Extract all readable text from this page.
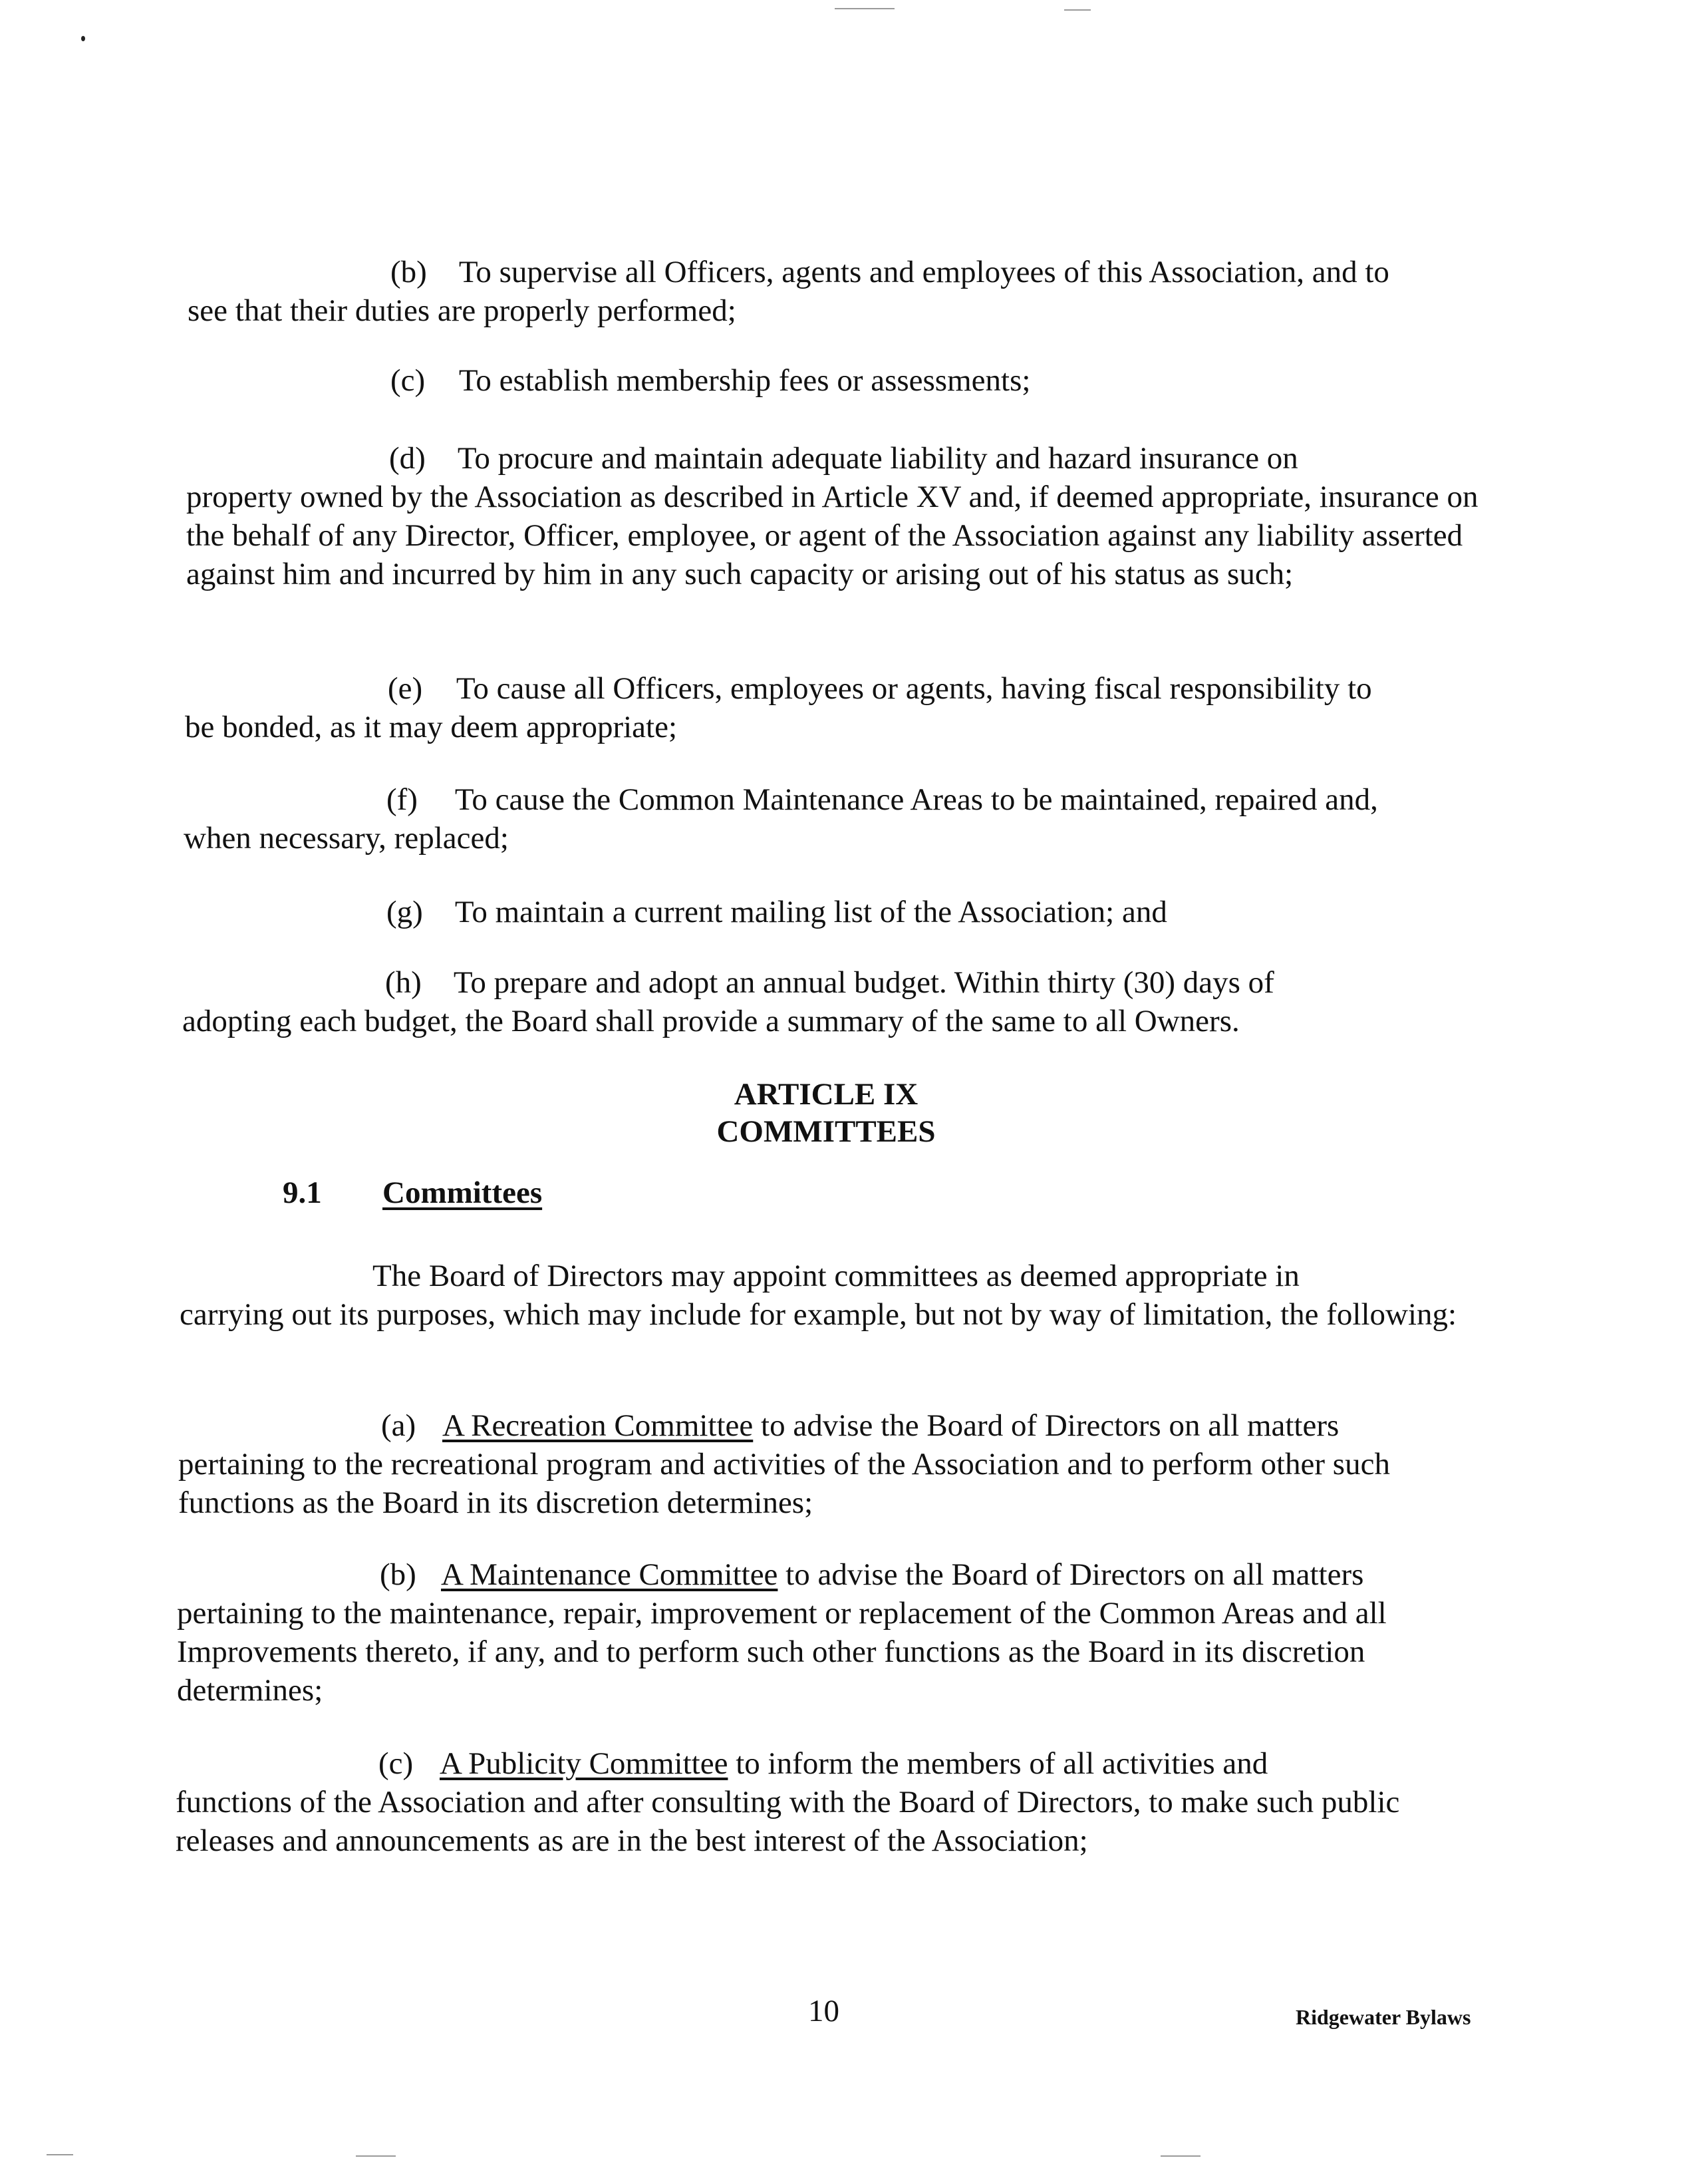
(b) To supervise all Officers, agents and employees of this Association, and to
see that their duties are properly performed;

(c) To establish membership fees or assessments;

(d) To procure and maintain adequate liability and hazard insurance on
property owned by the Association as described in Article XV and, if deemed appropriate, insurance on the behalf of any Director, Officer, employee, or agent of the Association against any liability asserted against him and incurred by him in any such capacity or arising out of his status as such;

(e) To cause all Officers, employees or agents, having fiscal responsibility to
be bonded, as it may deem appropriate;

(f) To cause the Common Maintenance Areas to be maintained, repaired and,
when necessary, replaced;

(g) To maintain a current mailing list of the Association; and

(h) To prepare and adopt an annual budget. Within thirty (30) days of
adopting each budget, the Board shall provide a summary of the same to all Owners.

ARTICLE IX

COMMITTEES

9.1 Committees

The Board of Directors may appoint committees as deemed appropriate in
carrying out its purposes, which may include for example, but not by way of limitation, the following:

(a) A Recreation Committee to advise the Board of Directors on all matters
pertaining to the recreational program and activities of the Association and to perform other such functions as the Board in its discretion determines;

(b) A Maintenance Committee to advise the Board of Directors on all matters
pertaining to the maintenance, repair, improvement or replacement of the Common Areas and all Improvements thereto, if any, and to perform such other functions as the Board in its discretion determines;

(c) A Publicity Committee to inform the members of all activities and
functions of the Association and after consulting with the Board of Directors, to make such public releases and announcements as are in the best interest of the Association;

10	Ridgewater Bylaws
